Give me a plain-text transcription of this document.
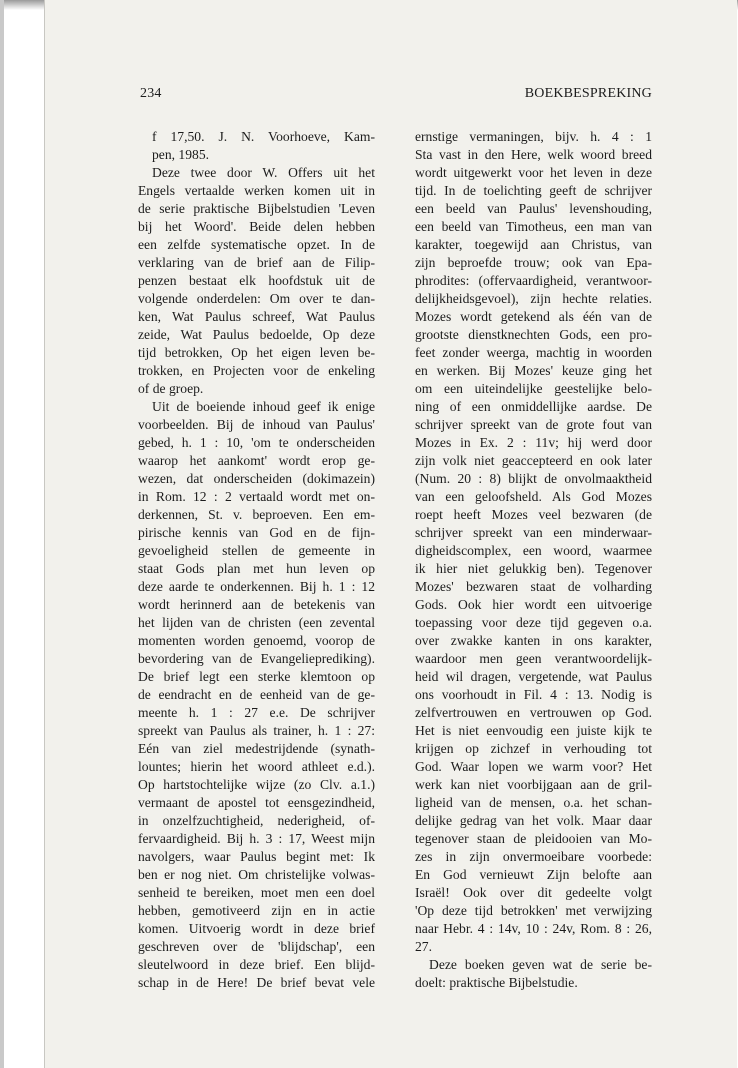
234	BOEKBESPREKING
f 17,50. J. N. Voorhoeve, Kam-
pen, 1985.
Deze twee door W. Offers uit het
Engels vertaalde werken komen uit in
de serie praktische Bijbelstudien 'Leven
bij het Woord'. Beide delen hebben
een zelfde systematische opzet. In de
verklaring van de brief aan de Filip-
penzen bestaat elk hoofdstuk uit de
volgende onderdelen: Om over te dan-
ken, Wat Paulus schreef, Wat Paulus
zeide, Wat Paulus bedoelde, Op deze
tijd betrokken, Op het eigen leven be-
trokken, en Projecten voor de enkeling
of de groep.
Uit de boeiende inhoud geef ik enige
voorbeelden. Bij de inhoud van Paulus'
gebed, h. 1 : 10, 'om te onderscheiden
waarop het aankomt' wordt erop ge-
wezen, dat onderscheiden (dokimazein)
in Rom. 12 : 2 vertaald wordt met on-
derkennen, St. v. beproeven. Een em-
pirische kennis van God en de fijn-
gevoeligheid stellen de gemeente in
staat Gods plan met hun leven op
deze aarde te onderkennen. Bij h. 1 : 12
wordt herinnerd aan de betekenis van
het lijden van de christen (een zevental
momenten worden genoemd, voorop de
bevordering van de Evangelieprediking).
De brief legt een sterke klemtoon op
de eendracht en de eenheid van de ge-
meente h. 1 : 27 e.e. De schrijver
spreekt van Paulus als trainer, h. 1 : 27:
Eén van ziel medestrijdende (synath-
lountes; hierin het woord athleet e.d.).
Op hartstochtelijke wijze (zo Clv. a.1.)
vermaant de apostel tot eensgezindheid,
in onzelfzuchtigheid, nederigheid, of-
fervaardigheid. Bij h. 3 : 17, Weest mijn
navolgers, waar Paulus begint met: Ik
ben er nog niet. Om christelijke volwas-
senheid te bereiken, moet men een doel
hebben, gemotiveerd zijn en in actie
komen. Uitvoerig wordt in deze brief
geschreven over de 'blijdschap', een
sleutelwoord in deze brief. Een blijd-
schap in de Here! De brief bevat vele
ernstige vermaningen, bijv. h. 4 : 1
Sta vast in den Here, welk woord breed
wordt uitgewerkt voor het leven in deze
tijd. In de toelichting geeft de schrijver
een beeld van Paulus' levenshouding,
een beeld van Timotheus, een man van
karakter, toegewijd aan Christus, van
zijn beproefde trouw; ook van Epa-
phrodites: (offervaardigheid, verantwoor-
delijkheidsgevoel), zijn hechte relaties.
Mozes wordt getekend als één van de
grootste dienstknechten Gods, een pro-
feet zonder weerga, machtig in woorden
en werken. Bij Mozes' keuze ging het
om een uiteindelijke geestelijke belo-
ning of een onmiddellijke aardse. De
schrijver spreekt van de grote fout van
Mozes in Ex. 2 : 11v; hij werd door
zijn volk niet geaccepteerd en ook later
(Num. 20 : 8) blijkt de onvolmaaktheid
van een geloofsheld. Als God Mozes
roept heeft Mozes veel bezwaren (de
schrijver spreekt van een minderwaar-
digheidscomplex, een woord, waarmee
ik hier niet gelukkig ben). Tegenover
Mozes' bezwaren staat de volharding
Gods. Ook hier wordt een uitvoerige
toepassing voor deze tijd gegeven o.a.
over zwakke kanten in ons karakter,
waardoor men geen verantwoordelijk-
heid wil dragen, vergetende, wat Paulus
ons voorhoudt in Fil. 4 : 13. Nodig is
zelfvertrouwen en vertrouwen op God.
Het is niet eenvoudig een juiste kijk te
krijgen op zichzef in verhouding tot
God. Waar lopen we warm voor? Het
werk kan niet voorbijgaan aan de gril-
ligheid van de mensen, o.a. het schan-
delijke gedrag van het volk. Maar daar
tegenover staan de pleidooien van Mo-
zes in zijn onvermoeibare voorbede:
En God vernieuwt Zijn belofte aan
Israël! Ook over dit gedeelte volgt
'Op deze tijd betrokken' met verwijzing
naar Hebr. 4 : 14v, 10 : 24v, Rom. 8 : 26,
27.
Deze boeken geven wat de serie be-
doelt: praktische Bijbelstudie.
